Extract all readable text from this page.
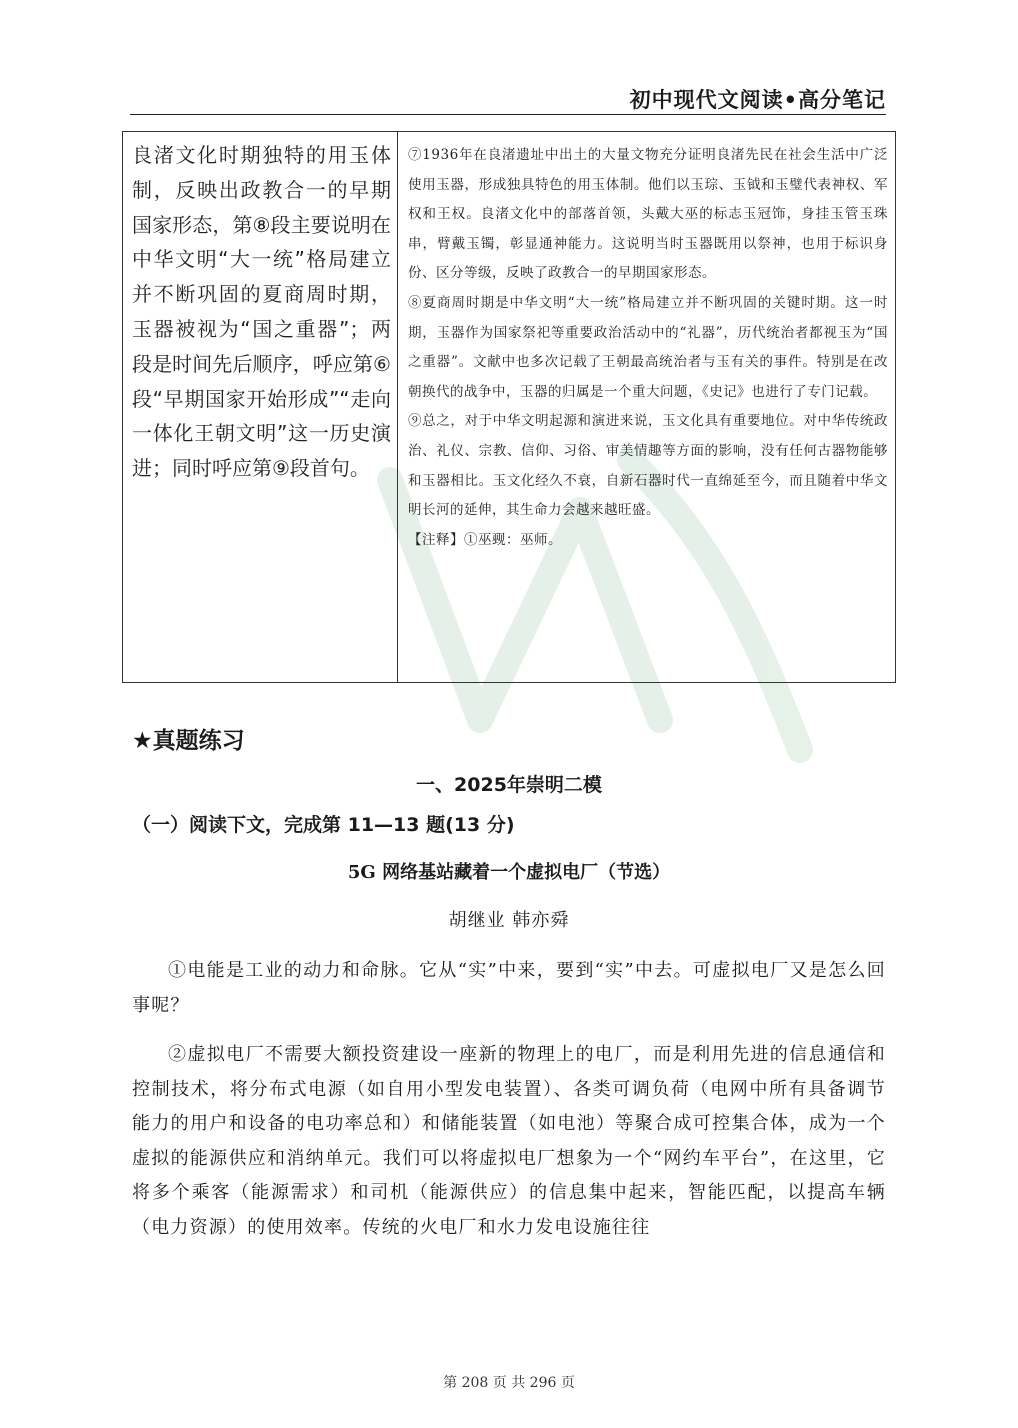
初中现代文阅读•高分笔记
良渚文化时期独特的用玉体制，反映出政教合一的早期国家形态，第⑧段主要说明在中华文明“大一统”格局建立并不断巩固的夏商周时期，玉器被视为“国之重器”；两段是时间先后顺序，呼应第⑥段“早期国家开始形成”“走向一体化王朝文明”这一历史演进；同时呼应第⑨段首句。

⑦1936年在良渚遗址中出土的大量文物充分证明良渚先民在社会生活中广泛使用玉器，形成独具特色的用玉体制。他们以玉琮、玉钺和玉璧代表神权、军权和王权。良渚文化中的部落首领，头戴大巫的标志玉冠饰，身挂玉管玉珠串，臂戴玉镯，彰显通神能力。这说明当时玉器既用以祭神，也用于标识身份、区分等级，反映了政教合一的早期国家形态。

⑧夏商周时期是中华文明“大一统”格局建立并不断巩固的关键时期。这一时期，玉器作为国家祭祀等重要政治活动中的“礼器”，历代统治者都视玉为“国之重器”。文献中也多次记载了王朝最高统治者与玉有关的事件。特别是在改朝换代的战争中，玉器的归属是一个重大问题，《史记》也进行了专门记载。

⑨总之，对于中华文明起源和演进来说，玉文化具有重要地位。对中华传统政治、礼仪、宗教、信仰、习俗、审美情趣等方面的影响，没有任何古器物能够和玉器相比。玉文化经久不衰，自新石器时代一直绵延至今，而且随着中华文明长河的延伸，其生命力会越来越旺盛。

【注释】①巫觋：巫师。

★真题练习
一、2025年崇明二模
（一）阅读下文，完成第 11—13 题(13 分)
5G 网络基站藏着一个虚拟电厂（节选）
胡继业 韩亦舜

①电能是工业的动力和命脉。它从“实”中来，要到“实”中去。可虚拟电厂又是怎么回事呢？

②虚拟电厂不需要大额投资建设一座新的物理上的电厂，而是利用先进的信息通信和控制技术，将分布式电源（如自用小型发电装置）、各类可调负荷（电网中所有具备调节能力的用户和设备的电功率总和）和储能装置（如电池）等聚合成可控集合体，成为一个虚拟的能源供应和消纳单元。我们可以将虚拟电厂想象为一个“网约车平台”，在这里，它将多个乘客（能源需求）和司机（能源供应）的信息集中起来，智能匹配，以提高车辆（电力资源）的使用效率。传统的火电厂和水力发电设施往往

第 208 页 共 296 页
